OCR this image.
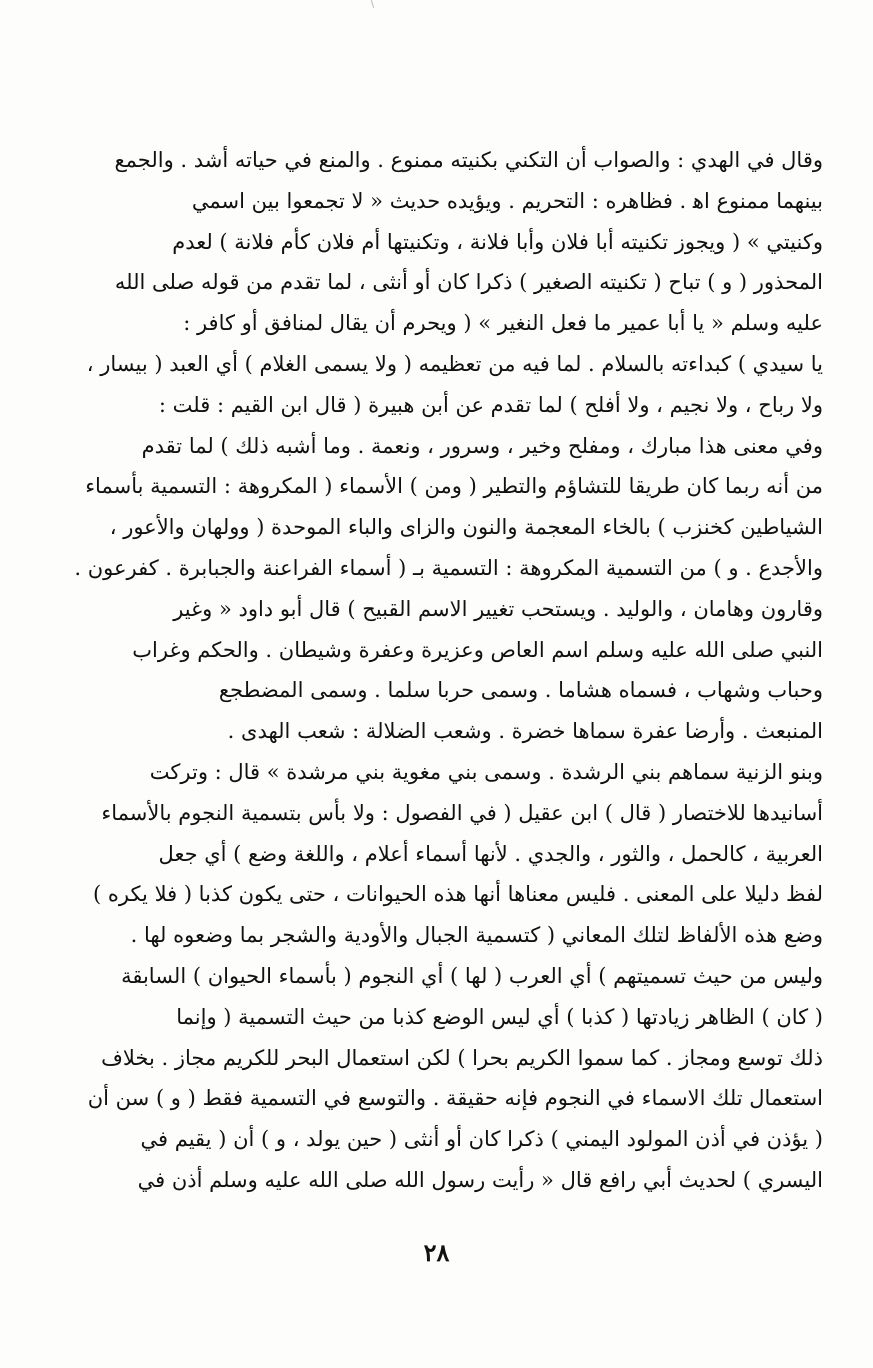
وقال في الهدي : والصواب أن التكني بكنيته ممنوع . والمنع في حياته أشد . والجمع
بينهما ممنوع اﻫ . فظاهره : التحريم . ويؤيده حديث « لا تجمعوا بين اسمي
وكنيتي » ( ويجوز تكنيته أبا فلان وأبا فلانة ، وتكنيتها أم فلان كأم فلانة ) لعدم
المحذور ( و ) تباح ( تكنيته الصغير ) ذكرا كان أو أنثى ، لما تقدم من قوله صلى الله
عليه وسلم « يا أبا عمير ما فعل النغير » ( ويحرم أن يقال لمنافق أو كافر :
يا سيدي ) كبداءته بالسلام . لما فيه من تعظيمه ( ولا يسمى الغلام ) أي العبد ( بيسار ،
ولا رباح ، ولا نجيم ، ولا أفلح ) لما تقدم عن أبن هبيرة ( قال ابن القيم : قلت :
وفي معنى هذا مبارك ، ومفلح وخير ، وسرور ، ونعمة . وما أشبه ذلك ) لما تقدم
من أنه ربما كان طريقا للتشاؤم والتطير ( ومن ) الأسماء ( المكروهة : التسمية بأسماء
الشياطين كخنزب ) بالخاء المعجمة والنون والزاى والباء الموحدة ( وولهان والأعور ،
والأجدع . و ) من التسمية المكروهة : التسمية بـ ( أسماء الفراعنة والجبابرة . كفرعون .
وقارون وهامان ، والوليد . ويستحب تغيير الاسم القبيح ) قال أبو داود « وغير
النبي صلى الله عليه وسلم اسم العاص وعزيرة وعفرة وشيطان . والحكم وغراب
وحباب وشهاب ، فسماه هشاما . وسمى حربا سلما . وسمى المضطجع
المنبعث . وأرضا عفرة سماها خضرة . وشعب الضلالة : شعب الهدى .
وبنو الزنية سماهم بني الرشدة . وسمى بني مغوية بني مرشدة » قال : وتركت
أسانيدها للاختصار ( قال ) ابن عقيل ( في الفصول : ولا بأس بتسمية النجوم بالأسماء
العربية ، كالحمل ، والثور ، والجدي . لأنها أسماء أعلام ، واللغة وضع ) أي جعل
لفظ دليلا على المعنى . فليس معناها أنها هذه الحيوانات ، حتى يكون كذبا ( فلا يكره )
وضع هذه الألفاظ لتلك المعاني ( كتسمية الجبال والأودية والشجر بما وضعوه لها .
وليس من حيث تسميتهم ) أي العرب ( لها ) أي النجوم ( بأسماء الحيوان ) السابقة
( كان ) الظاهر زيادتها ( كذبا ) أي ليس الوضع كذبا من حيث التسمية ( وإنما
ذلك توسع ومجاز . كما سموا الكريم بحرا ) لكن استعمال البحر للكريم مجاز . بخلاف
استعمال تلك الاسماء في النجوم فإنه حقيقة . والتوسع في التسمية فقط ( و ) سن أن
( يؤذن في أذن المولود اليمني ) ذكرا كان أو أنثى ( حين يولد ، و ) أن ( يقيم في
اليسري ) لحديث أبي رافع قال « رأيت رسول الله صلى الله عليه وسلم أذن في
٢٨
